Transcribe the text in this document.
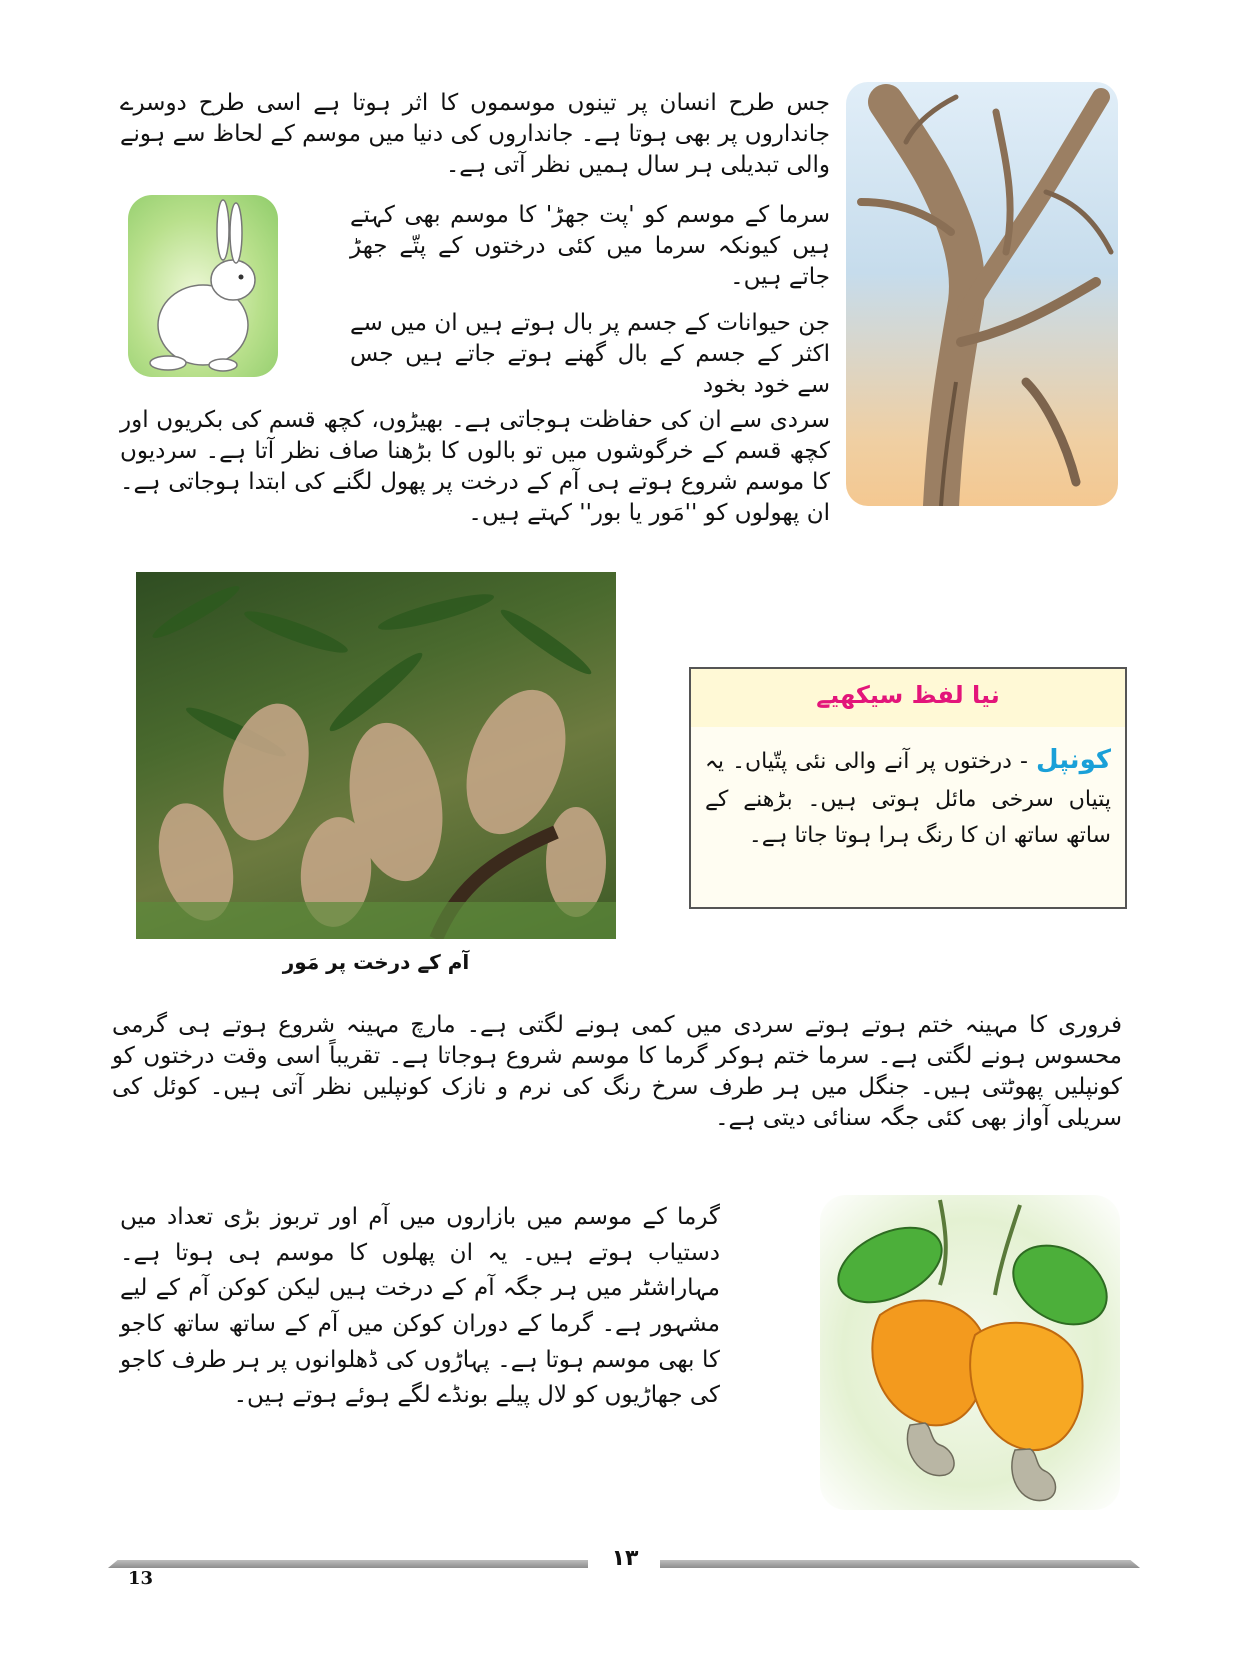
جس طرح انسان پر تینوں موسموں کا اثر ہوتا ہے اسی طرح دوسرے جانداروں پر بھی ہوتا ہے۔ جانداروں کی دنیا میں موسم کے لحاظ سے ہونے والی تبدیلی ہر سال ہمیں نظر آتی ہے۔

سرما کے موسم کو 'پت جھڑ' کا موسم بھی کہتے ہیں کیونکہ سرما میں کئی درختوں کے پتّے جھڑ جاتے ہیں۔

جن حیوانات کے جسم پر بال ہوتے ہیں ان میں سے اکثر کے جسم کے بال گھنے ہوتے جاتے ہیں جس سے خود بخود

سردی سے ان کی حفاظت ہوجاتی ہے۔ بھیڑوں، کچھ قسم کی بکریوں اور کچھ قسم کے خرگوشوں میں تو بالوں کا بڑھنا صاف نظر آتا ہے۔ سردیوں کا موسم شروع ہوتے ہی آم کے درخت پر پھول لگنے کی ابتدا ہوجاتی ہے۔ ان پھولوں کو ''مَور یا بور'' کہتے ہیں۔

آم کے درخت پر مَور
نیا لفظ سیکھیے
کونپل - درختوں پر آنے والی نئی پتّیاں۔ یہ پتیاں سرخی مائل ہوتی ہیں۔ بڑھنے کے ساتھ ساتھ ان کا رنگ ہرا ہوتا جاتا ہے۔

فروری کا مہینہ ختم ہوتے ہوتے سردی میں کمی ہونے لگتی ہے۔ مارچ مہینہ شروع ہوتے ہی گرمی محسوس ہونے لگتی ہے۔ سرما ختم ہوکر گرما کا موسم شروع ہوجاتا ہے۔ تقریباً اسی وقت درختوں کو کونپلیں پھوٹتی ہیں۔ جنگل میں ہر طرف سرخ رنگ کی نرم و نازک کونپلیں نظر آتی ہیں۔ کوئل کی سریلی آواز بھی کئی جگہ سنائی دیتی ہے۔

گرما کے موسم میں بازاروں میں آم اور تربوز بڑی تعداد میں دستیاب ہوتے ہیں۔ یہ ان پھلوں کا موسم ہی ہوتا ہے۔ مہاراشٹر میں ہر جگہ آم کے درخت ہیں لیکن کوکن آم کے لیے مشہور ہے۔ گرما کے دوران کوکن میں آم کے ساتھ ساتھ کاجو کا بھی موسم ہوتا ہے۔ پہاڑوں کی ڈھلوانوں پر ہر طرف کاجو کی جھاڑیوں کو لال پیلے بونڈے لگے ہوئے ہوتے ہیں۔

١٣
13
